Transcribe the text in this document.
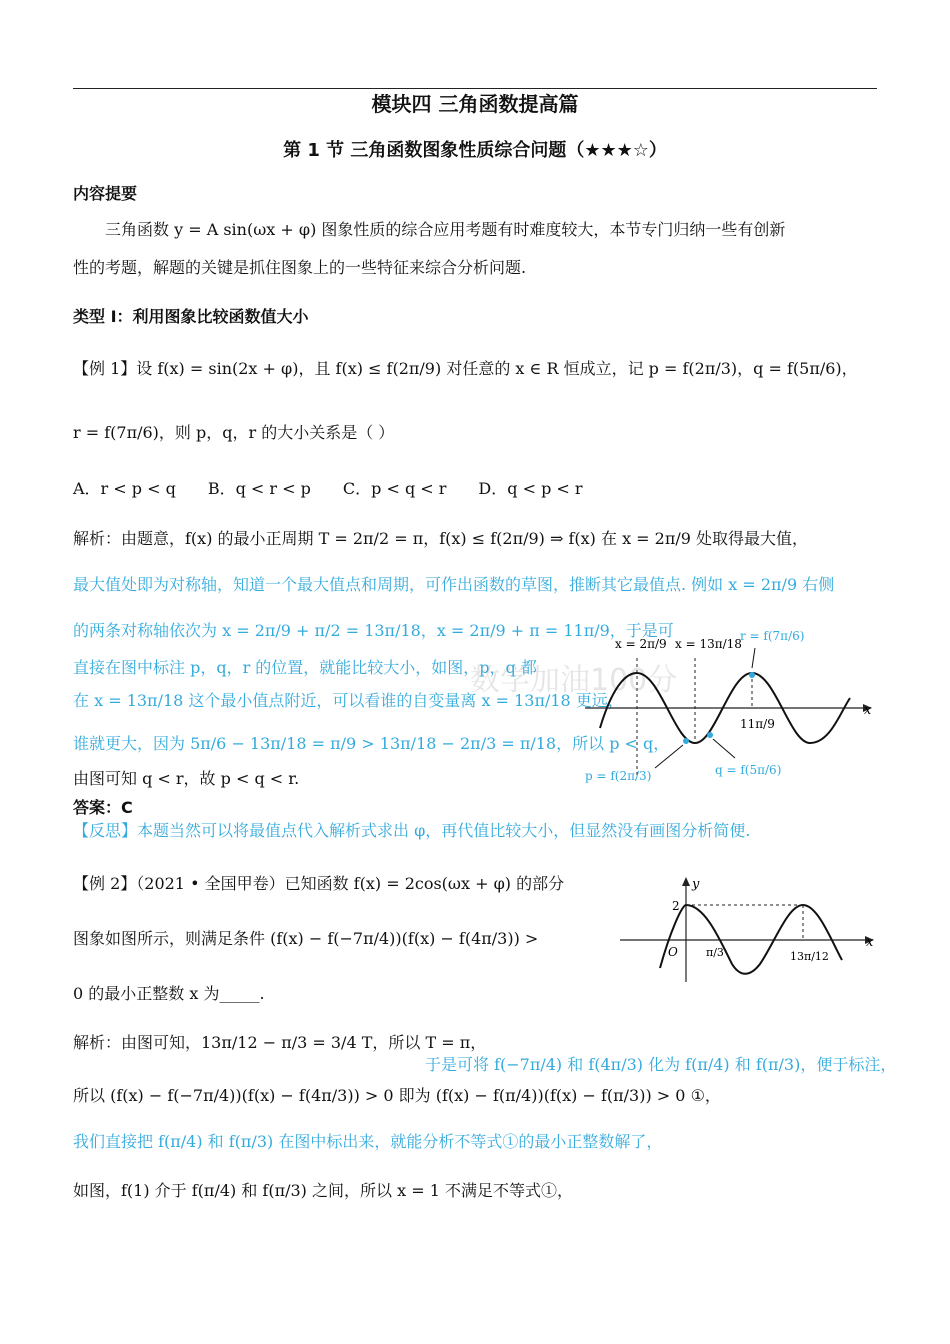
模块四 三角函数提高篇
第 1 节 三角函数图象性质综合问题（★★★☆）
内容提要
三角函数 y = A sin(ωx + φ) 图象性质的综合应用考题有时难度较大，本节专门归纳一些有创新
性的考题，解题的关键是抓住图象上的一些特征来综合分析问题.
类型 Ⅰ：利用图象比较函数值大小
【例 1】设 f(x) = sin(2x + φ)，且 f(x) ≤ f(2π/9) 对任意的 x ∈ R 恒成立，记 p = f(2π/3)，q = f(5π/6)，
r = f(7π/6)，则 p，q，r 的大小关系是（ ）
A．r < p < q　　B．q < r < p　　C．p < q < r　　D．q < p < r
解析：由题意，f(x) 的最小正周期 T = 2π/2 = π，f(x) ≤ f(2π/9) ⇒ f(x) 在 x = 2π/9 处取得最大值，
最大值处即为对称轴，知道一个最大值点和周期，可作出函数的草图，推断其它最值点. 例如 x = 2π/9 右侧
的两条对称轴依次为 x = 2π/9 + π/2 = 13π/18，x = 2π/9 + π = 11π/9，于是可
直接在图中标注 p，q，r 的位置，就能比较大小，如图，p，q 都
在 x = 13π/18 这个最小值点附近，可以看谁的自变量离 x = 13π/18 更远，
谁就更大，因为 5π/6 − 13π/18 = π/9 > 13π/18 − 2π/3 = π/18，所以 p < q，
由图可知 q < r，故 p < q < r.
答案：C
【反思】本题当然可以将最值点代入解析式求出 φ，再代值比较大小，但显然没有画图分析简便.
数学加油100分
x
x = 2π/9 x = 13π/18
r = f(7π/6)
11π/9
p = f(2π/3)	q = f(5π/6)
【例 2】（2021 • 全国甲卷）已知函数 f(x) = 2cos(ωx + φ) 的部分
图象如图所示，则满足条件 (f(x) − f(−7π/4))(f(x) − f(4π/3)) >
0 的最小正整数 x 为_____.
y
x
O
2
π/3	13π/12
解析：由图可知，13π/12 − π/3 = 3/4 T，所以 T = π，
于是可将 f(−7π/4) 和 f(4π/3) 化为 f(π/4) 和 f(π/3)，便于标注，
所以 (f(x) − f(−7π/4))(f(x) − f(4π/3)) > 0 即为 (f(x) − f(π/4))(f(x) − f(π/3)) > 0 ①，
我们直接把 f(π/4) 和 f(π/3) 在图中标出来，就能分析不等式①的最小正整数解了，
如图，f(1) 介于 f(π/4) 和 f(π/3) 之间，所以 x = 1 不满足不等式①，
